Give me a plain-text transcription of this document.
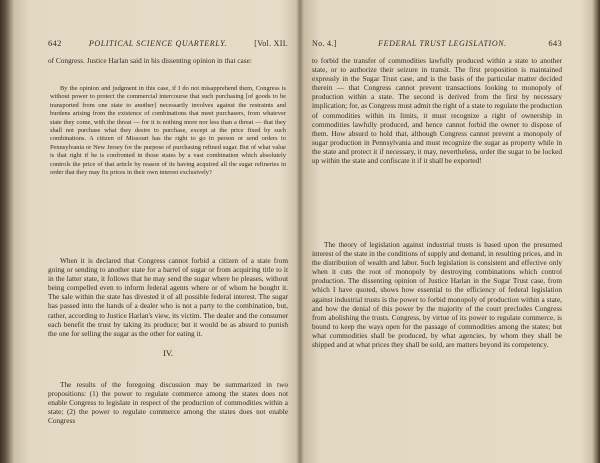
642	POLITICAL SCIENCE QUARTERLY.	[Vol. XII.

of Congress. Justice Harlan said in his dissenting opinion in that case:

By the opinion and judgment in this case, if I do not misapprehend them, Congress is without power to protect the commercial intercourse that such purchasing [of goods to be transported from one state to another] necessarily involves against the restraints and burdens arising from the existence of combinations that meet purchasers, from whatever state they come, with the threat — for it is nothing more nor less than a threat — that they shall not purchase what they desire to purchase, except at the price fixed by such combinations. A citizen of Missouri has the right to go in person or send orders to Pennsylvania or New Jersey for the purpose of purchasing refined sugar. But of what value is that right if he is confronted in those states by a vast combination which absolutely controls the price of that article by reason of its having acquired all the sugar refineries in order that they may fix prices in their own interest exclusively?

When it is declared that Congress cannot forbid a citizen of a state from going or sending to another state for a barrel of sugar or from acquiring title to it in the latter state, it follows that he may send the sugar where he pleases, without being compelled even to inform federal agents where or of whom he bought it. The sale within the state has divested it of all possible federal interest. The sugar has passed into the hands of a dealer who is not a party to the combination, but, rather, according to Justice Harlan's view, its victim. The dealer and the consumer each benefit the trust by taking its produce; but it would be as absurd to punish the one for selling the sugar as the other for eating it.

IV.

The results of the foregoing discussion may be summarized in two propositions: (1) the power to regulate commerce among the states does not enable Congress to legislate in respect of the production of commodities within a state; (2) the power to regulate commerce among the states does not enable Congress

No. 4.]	FEDERAL TRUST LEGISLATION.	643

to forbid the transfer of commodities lawfully produced within a state to another state, or to authorize their seizure in transit. The first proposition is maintained expressly in the Sugar Trust case, and is the basis of the particular matter decided therein — that Congress cannot prevent transactions looking to monopoly of production within a state. The second is derived from the first by necessary implication; for, as Congress must admit the right of a state to regulate the production of commodities within its limits, it must recognize a right of ownership in commodities lawfully produced, and hence cannot forbid the owner to dispose of them. How absurd to hold that, although Congress cannot prevent a monopoly of sugar production in Pennsylvania and must recognize the sugar as property while in the state and protect it if necessary, it may, nevertheless, order the sugar to be locked up within the state and confiscate it if it shall be exported!

The theory of legislation against industrial trusts is based upon the presumed interest of the state in the conditions of supply and demand, in resulting prices, and in the distribution of wealth and labor. Such legislation is consistent and effective only when it cuts the root of monopoly by destroying combinations which control production. The dissenting opinion of Justice Harlan in the Sugar Trust case, from which I have quoted, shows how essential to the efficiency of federal legislation against industrial trusts is the power to forbid monopoly of production within a state, and how the denial of this power by the majority of the court precludes Congress from abolishing the trusts. Congress, by virtue of its power to regulate commerce, is bound to keep the ways open for the passage of commodities among the states; but what commodities shall be produced, by what agencies, by whom they shall be shipped and at what prices they shall be sold, are matters beyond its competency.
